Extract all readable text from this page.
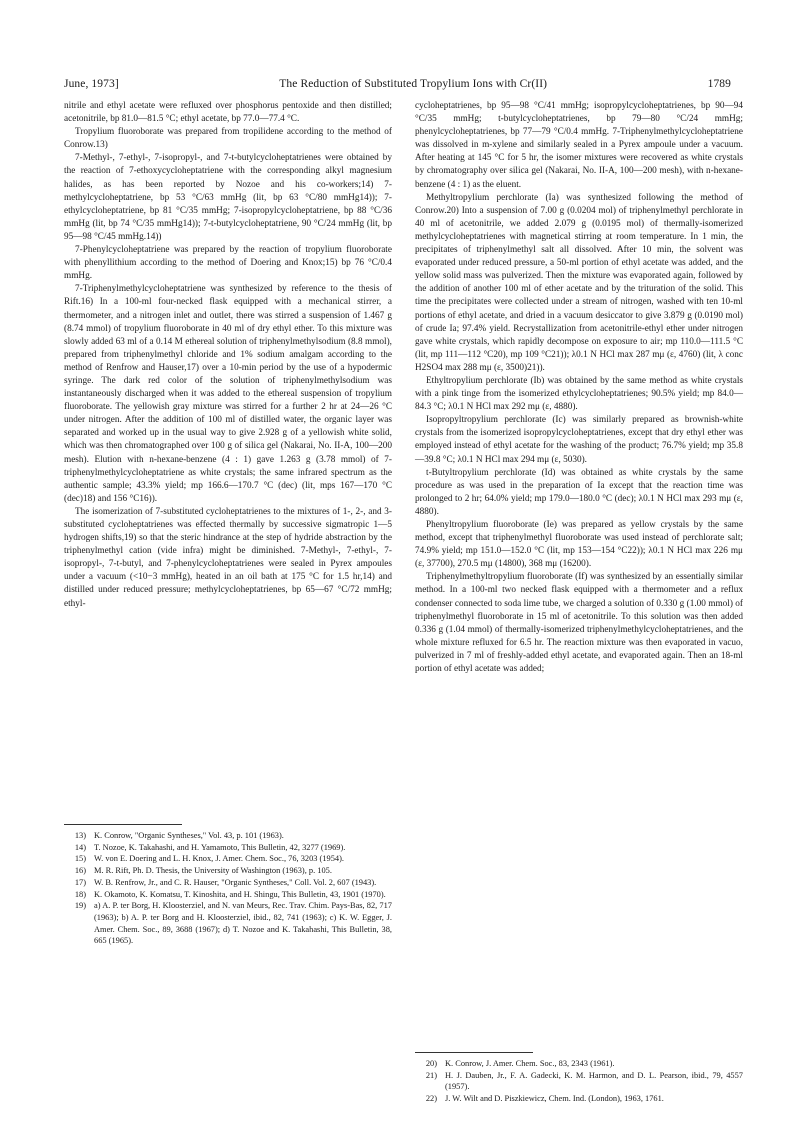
June, 1973]	The Reduction of Substituted Tropylium Ions with Cr(II)	1789

nitrile and ethyl acetate were refluxed over phosphorus pentoxide and then distilled; acetonitrile, bp 81.0—81.5 °C; ethyl acetate, bp 77.0—77.4 °C.

Tropylium fluoroborate was prepared from tropilidene according to the method of Conrow.13)

7-Methyl-, 7-ethyl-, 7-isopropyl-, and 7-t-butylcycloheptatrienes were obtained by the reaction of 7-ethoxycycloheptatriene with the corresponding alkyl magnesium halides, as has been reported by Nozoe and his co-workers;14) 7-methylcycloheptatriene, bp 53 °C/63 mmHg (lit, bp 63 °C/80 mmHg14)); 7-ethylcycloheptatriene, bp 81 °C/35 mmHg; 7-isopropylcycloheptatriene, bp 88 °C/36 mmHg (lit, bp 74 °C/35 mmHg14)); 7-t-butylcycloheptatriene, 90 °C/24 mmHg (lit, bp 95—98 °C/45 mmHg.14))

7-Phenylcycloheptatriene was prepared by the reaction of tropylium fluoroborate with phenyllithium according to the method of Doering and Knox;15) bp 76 °C/0.4 mmHg.

7-Triphenylmethylcycloheptatriene was synthesized by reference to the thesis of Rift.16) In a 100-ml four-necked flask equipped with a mechanical stirrer, a thermometer, and a nitrogen inlet and outlet, there was stirred a suspension of 1.467 g (8.74 mmol) of tropylium fluoroborate in 40 ml of dry ethyl ether. To this mixture was slowly added 63 ml of a 0.14 M ethereal solution of triphenylmethylsodium (8.8 mmol), prepared from triphenylmethyl chloride and 1% sodium amalgam according to the method of Renfrow and Hauser,17) over a 10-min period by the use of a hypodermic syringe. The dark red color of the solution of triphenylmethylsodium was instantaneously discharged when it was added to the ethereal suspension of tropylium fluoroborate. The yellowish gray mixture was stirred for a further 2 hr at 24—26 °C under nitrogen. After the addition of 100 ml of distilled water, the organic layer was separated and worked up in the usual way to give 2.928 g of a yellowish white solid, which was then chromatographed over 100 g of silica gel (Nakarai, No. II-A, 100—200 mesh). Elution with n-hexane-benzene (4 : 1) gave 1.263 g (3.78 mmol) of 7-triphenylmethylcycloheptatriene as white crystals; the same infrared spectrum as the authentic sample; 43.3% yield; mp 166.6—170.7 °C (dec) (lit, mps 167—170 °C (dec)18) and 156 °C16)).

The isomerization of 7-substituted cycloheptatrienes to the mixtures of 1-, 2-, and 3-substituted cycloheptatrienes was effected thermally by successive sigmatropic 1—5 hydrogen shifts,19) so that the steric hindrance at the step of hydride abstraction by the triphenylmethyl cation (vide infra) might be diminished. 7-Methyl-, 7-ethyl-, 7-isopropyl-, 7-t-butyl, and 7-phenylcycloheptatrienes were sealed in Pyrex ampoules under a vacuum (<10−3 mmHg), heated in an oil bath at 175 °C for 1.5 hr,14) and distilled under reduced pressure; methylcycloheptatrienes, bp 65—67 °C/72 mmHg; ethyl-

cycloheptatrienes, bp 95—98 °C/41 mmHg; isopropylcycloheptatrienes, bp 90—94 °C/35 mmHg; t-butylcycloheptatrienes, bp 79—80 °C/24 mmHg; phenylcycloheptatrienes, bp 77—79 °C/0.4 mmHg. 7-Triphenylmethylcycloheptatriene was dissolved in m-xylene and similarly sealed in a Pyrex ampoule under a vacuum. After heating at 145 °C for 5 hr, the isomer mixtures were recovered as white crystals by chromatography over silica gel (Nakarai, No. II-A, 100—200 mesh), with n-hexane-benzene (4 : 1) as the eluent.

Methyltropylium perchlorate (Ia) was synthesized following the method of Conrow.20) Into a suspension of 7.00 g (0.0204 mol) of triphenylmethyl perchlorate in 40 ml of acetonitrile, we added 2.079 g (0.0195 mol) of thermally-isomerized methylcycloheptatrienes with magnetical stirring at room temperature. In 1 min, the precipitates of triphenylmethyl salt all dissolved. After 10 min, the solvent was evaporated under reduced pressure, a 50-ml portion of ethyl acetate was added, and the yellow solid mass was pulverized. Then the mixture was evaporated again, followed by the addition of another 100 ml of ether acetate and by the trituration of the solid. This time the precipitates were collected under a stream of nitrogen, washed with ten 10-ml portions of ethyl acetate, and dried in a vacuum desiccator to give 3.879 g (0.0190 mol) of crude Ia; 97.4% yield. Recrystallization from acetonitrile-ethyl ether under nitrogen gave white crystals, which rapidly decompose on exposure to air; mp 110.0—111.5 °C (lit, mp 111—112 °C20), mp 109 °C21)); λ0.1 N HCl max 287 mμ (ε, 4760) (lit, λ conc H2SO4 max 288 mμ (ε, 3500)21)).

Ethyltropylium perchlorate (Ib) was obtained by the same method as white crystals with a pink tinge from the isomerized ethylcycloheptatrienes; 90.5% yield; mp 84.0—84.3 °C; λ0.1 N HCl max 292 mμ (ε, 4880).

Isopropyltropylium perchlorate (Ic) was similarly prepared as brownish-white crystals from the isomerized isopropylcycloheptatrienes, except that dry ethyl ether was employed instead of ethyl acetate for the washing of the product; 76.7% yield; mp 35.8—39.8 °C; λ0.1 N HCl max 294 mμ (ε, 5030).

t-Butyltropylium perchlorate (Id) was obtained as white crystals by the same procedure as was used in the preparation of Ia except that the reaction time was prolonged to 2 hr; 64.0% yield; mp 179.0—180.0 °C (dec); λ0.1 N HCl max 293 mμ (ε, 4880).

Phenyltropylium fluoroborate (Ie) was prepared as yellow crystals by the same method, except that triphenylmethyl fluoroborate was used instead of perchlorate salt; 74.9% yield; mp 151.0—152.0 °C (lit, mp 153—154 °C22)); λ0.1 N HCl max 226 mμ (ε, 37700), 270.5 mμ (14800), 368 mμ (16200).

Triphenylmethyltropylium fluoroborate (If) was synthesized by an essentially similar method. In a 100-ml two necked flask equipped with a thermometer and a reflux condenser connected to soda lime tube, we charged a solution of 0.330 g (1.00 mmol) of triphenylmethyl fluoroborate in 15 ml of acetonitrile. To this solution was then added 0.336 g (1.04 mmol) of thermally-isomerized triphenylmethylcycloheptatrienes, and the whole mixture refluxed for 6.5 hr. The reaction mixture was then evaporated in vacuo, pulverized in 7 ml of freshly-added ethyl acetate, and evaporated again. Then an 18-ml portion of ethyl acetate was added;

13) K. Conrow, "Organic Syntheses," Vol. 43, p. 101 (1963).
14) T. Nozoe, K. Takahashi, and H. Yamamoto, This Bulletin, 42, 3277 (1969).
15) W. von E. Doering and L. H. Knox, J. Amer. Chem. Soc., 76, 3203 (1954).
16) M. R. Rift, Ph. D. Thesis, the University of Washington (1963), p. 105.
17) W. B. Renfrow, Jr., and C. R. Hauser, "Organic Syntheses," Coll. Vol. 2, 607 (1943).
18) K. Okamoto, K. Komatsu, T. Kinoshita, and H. Shingu, This Bulletin, 43, 1901 (1970).
19) a) A. P. ter Borg, H. Kloosterziel, and N. van Meurs, Rec. Trav. Chim. Pays-Bas, 82, 717 (1963); b) A. P. ter Borg and H. Kloosterziel, ibid., 82, 741 (1963); c) K. W. Egger, J. Amer. Chem. Soc., 89, 3688 (1967); d) T. Nozoe and K. Takahashi, This Bulletin, 38, 665 (1965).
20) K. Conrow, J. Amer. Chem. Soc., 83, 2343 (1961).
21) H. J. Dauben, Jr., F. A. Gadecki, K. M. Harmon, and D. L. Pearson, ibid., 79, 4557 (1957).
22) J. W. Wilt and D. Piszkiewicz, Chem. Ind. (London), 1963, 1761.
